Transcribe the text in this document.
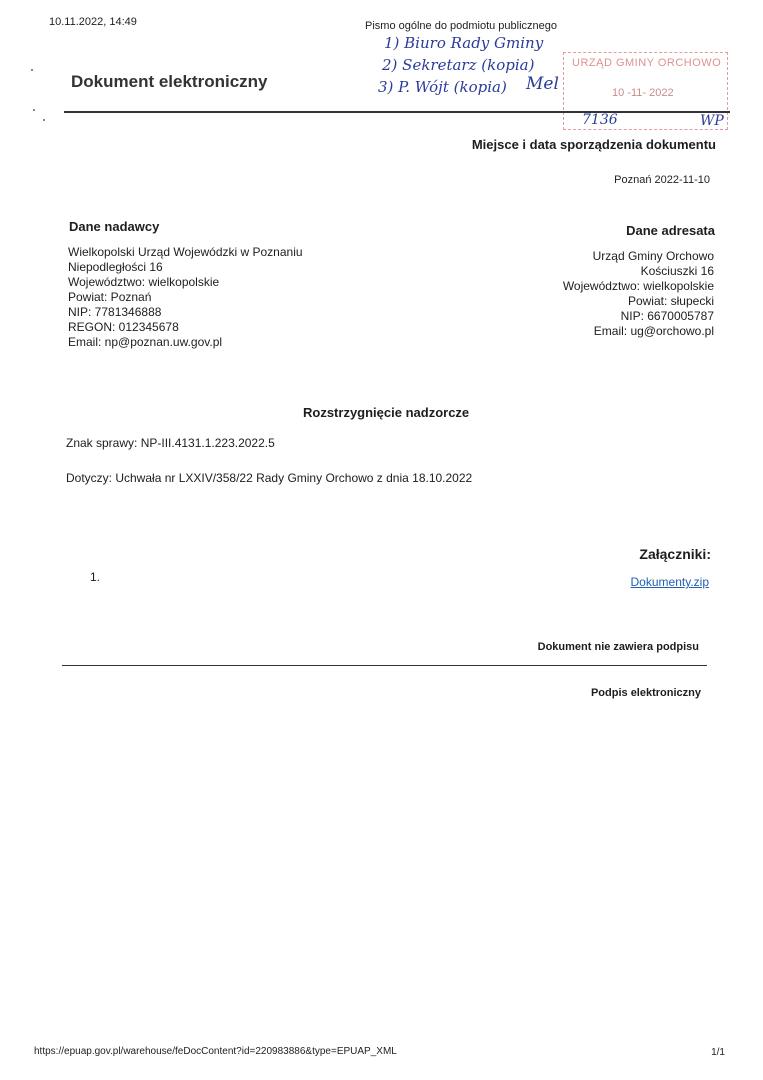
10.11.2022, 14:49	Pismo ogólne do podmiotu publicznego
Dokument elektroniczny
1) Biuro Rady Gminy
2) Sekretarz (kopia)
3) P. Wójt (kopia) Mel
URZĄD GMINY ORCHOWO
10 -11- 2022
7136	WP
Miejsce i data sporządzenia dokumentu
Poznań 2022-11-10
Dane nadawcy
Wielkopolski Urząd Wojewódzki w Poznaniu
Niepodległości 16
Województwo: wielkopolskie
Powiat: Poznań
NIP: 7781346888
REGON: 012345678
Email: np@poznan.uw.gov.pl
Dane adresata
Urząd Gminy Orchowo
Kościuszki 16
Województwo: wielkopolskie
Powiat: słupecki
NIP: 6670005787
Email: ug@orchowo.pl
Rozstrzygnięcie nadzorcze
Znak sprawy: NP-III.4131.1.223.2022.5
Dotyczy: Uchwała nr LXXIV/358/22 Rady Gminy Orchowo z dnia 18.10.2022
Załączniki:
1.	Dokumenty.zip
Dokument nie zawiera podpisu
Podpis elektroniczny
https://epuap.gov.pl/warehouse/feDocContent?id=220983886&type=EPUAP_XML	1/1
